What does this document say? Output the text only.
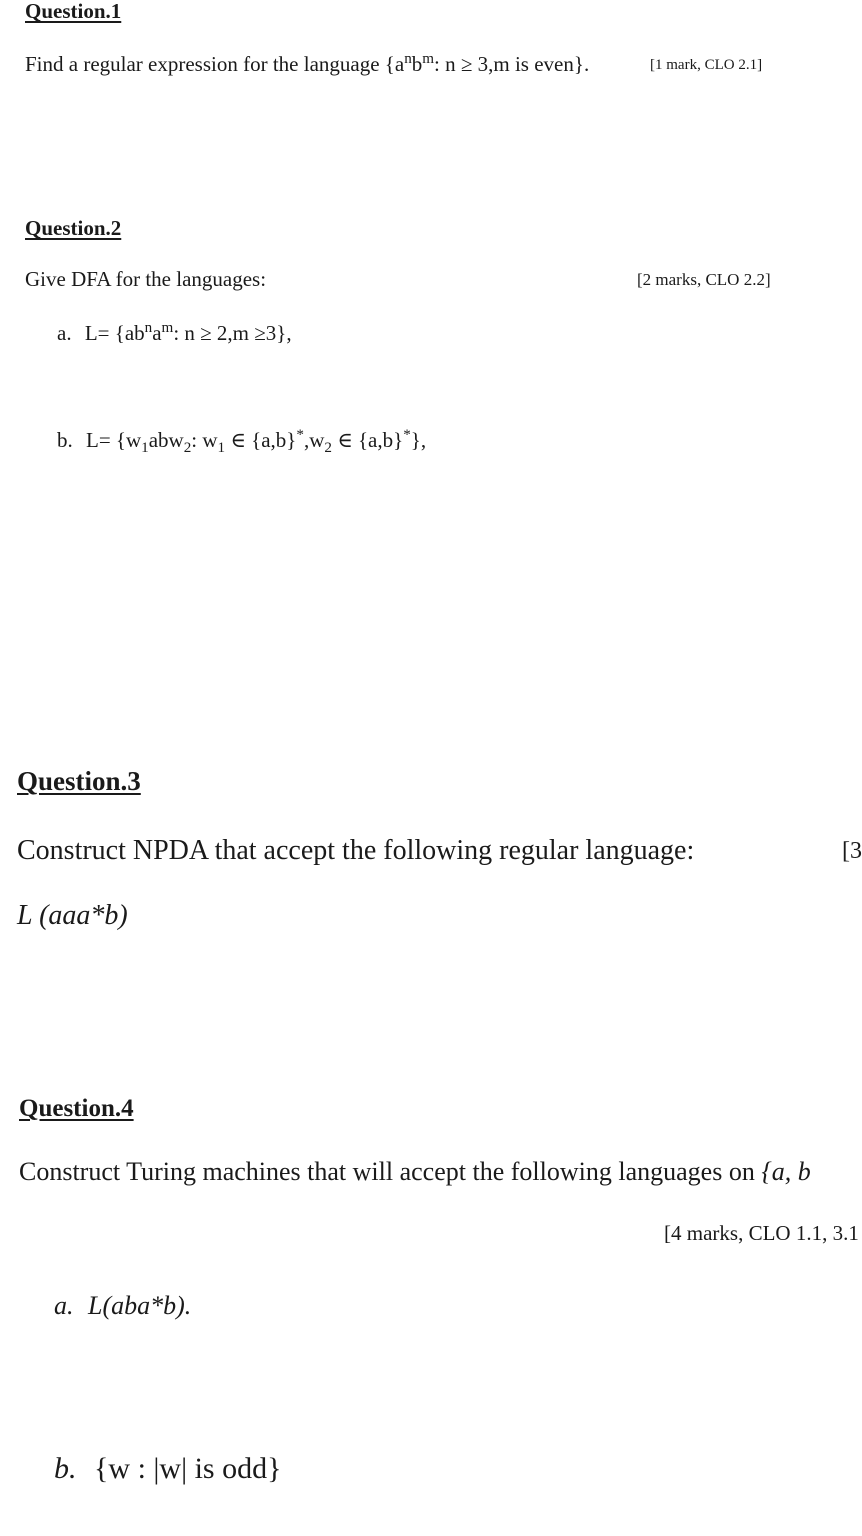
Question.1
Find a regular expression for the language {$a^nb^m$: n ≥ 3,m is even}.	[1 mark, CLO 2.1]
Question.2
Give DFA for the languages:	[2 marks, CLO 2.2]
a. $L= \{ab^na^m$: n ≥ 2,m ≥3},
b. $L= \{w_1abw_2$: $w_1$ ∈ $\{a,b\}^*,w_2$ ∈ {a,b}*},
Question.3
Construct NPDA that accept the following regular language:	[3
L (aaa*b)
Question.4
Construct Turing machines that will accept the following languages on {a, b
[4 marks, CLO 1.1, 3.1
a. L(aba*b).
b. {w : |w| is odd}
